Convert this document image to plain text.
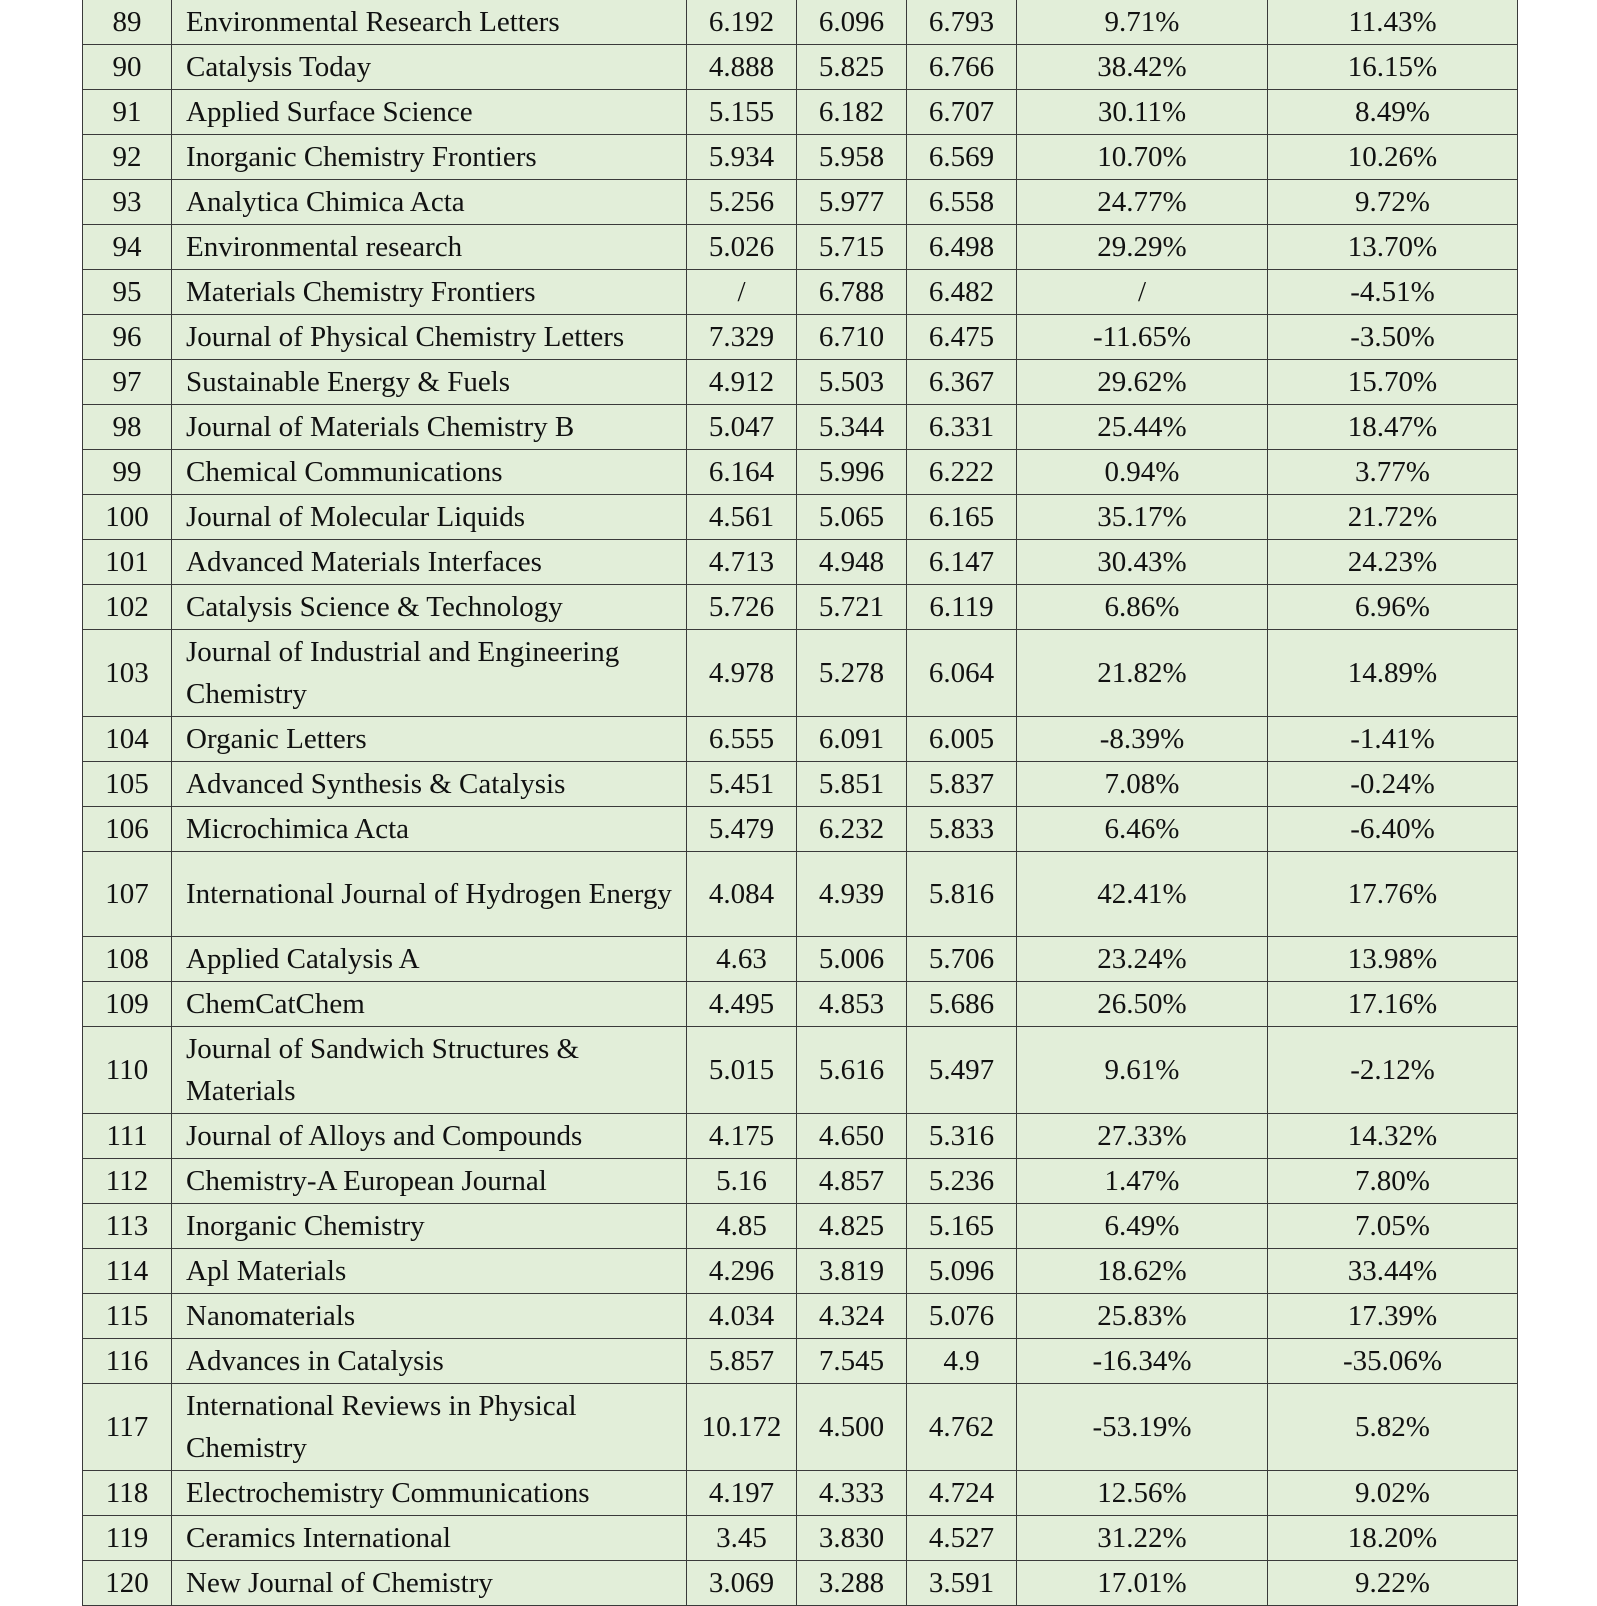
89	Environmental Research Letters	6.192	6.096	6.793	9.71%	11.43%
90	Catalysis Today	4.888	5.825	6.766	38.42%	16.15%
91	Applied Surface Science	5.155	6.182	6.707	30.11%	8.49%
92	Inorganic Chemistry Frontiers	5.934	5.958	6.569	10.70%	10.26%
93	Analytica Chimica Acta	5.256	5.977	6.558	24.77%	9.72%
94	Environmental research	5.026	5.715	6.498	29.29%	13.70%
95	Materials Chemistry Frontiers	/	6.788	6.482	/	-4.51%
96	Journal of Physical Chemistry Letters	7.329	6.710	6.475	-11.65%	-3.50%
97	Sustainable Energy & Fuels	4.912	5.503	6.367	29.62%	15.70%
98	Journal of Materials Chemistry B	5.047	5.344	6.331	25.44%	18.47%
99	Chemical Communications	6.164	5.996	6.222	0.94%	3.77%
100	Journal of Molecular Liquids	4.561	5.065	6.165	35.17%	21.72%
101	Advanced Materials Interfaces	4.713	4.948	6.147	30.43%	24.23%
102	Catalysis Science & Technology	5.726	5.721	6.119	6.86%	6.96%
103	Journal of Industrial and Engineering Chemistry	4.978	5.278	6.064	21.82%	14.89%
104	Organic Letters	6.555	6.091	6.005	-8.39%	-1.41%
105	Advanced Synthesis & Catalysis	5.451	5.851	5.837	7.08%	-0.24%
106	Microchimica Acta	5.479	6.232	5.833	6.46%	-6.40%
107	International Journal of Hydrogen Energy	4.084	4.939	5.816	42.41%	17.76%
108	Applied Catalysis A	4.63	5.006	5.706	23.24%	13.98%
109	ChemCatChem	4.495	4.853	5.686	26.50%	17.16%
110	Journal of Sandwich Structures & Materials	5.015	5.616	5.497	9.61%	-2.12%
111	Journal of Alloys and Compounds	4.175	4.650	5.316	27.33%	14.32%
112	Chemistry-A European Journal	5.16	4.857	5.236	1.47%	7.80%
113	Inorganic Chemistry	4.85	4.825	5.165	6.49%	7.05%
114	Apl Materials	4.296	3.819	5.096	18.62%	33.44%
115	Nanomaterials	4.034	4.324	5.076	25.83%	17.39%
116	Advances in Catalysis	5.857	7.545	4.9	-16.34%	-35.06%
117	International Reviews in Physical Chemistry	10.172	4.500	4.762	-53.19%	5.82%
118	Electrochemistry Communications	4.197	4.333	4.724	12.56%	9.02%
119	Ceramics International	3.45	3.830	4.527	31.22%	18.20%
120	New Journal of Chemistry	3.069	3.288	3.591	17.01%	9.22%
